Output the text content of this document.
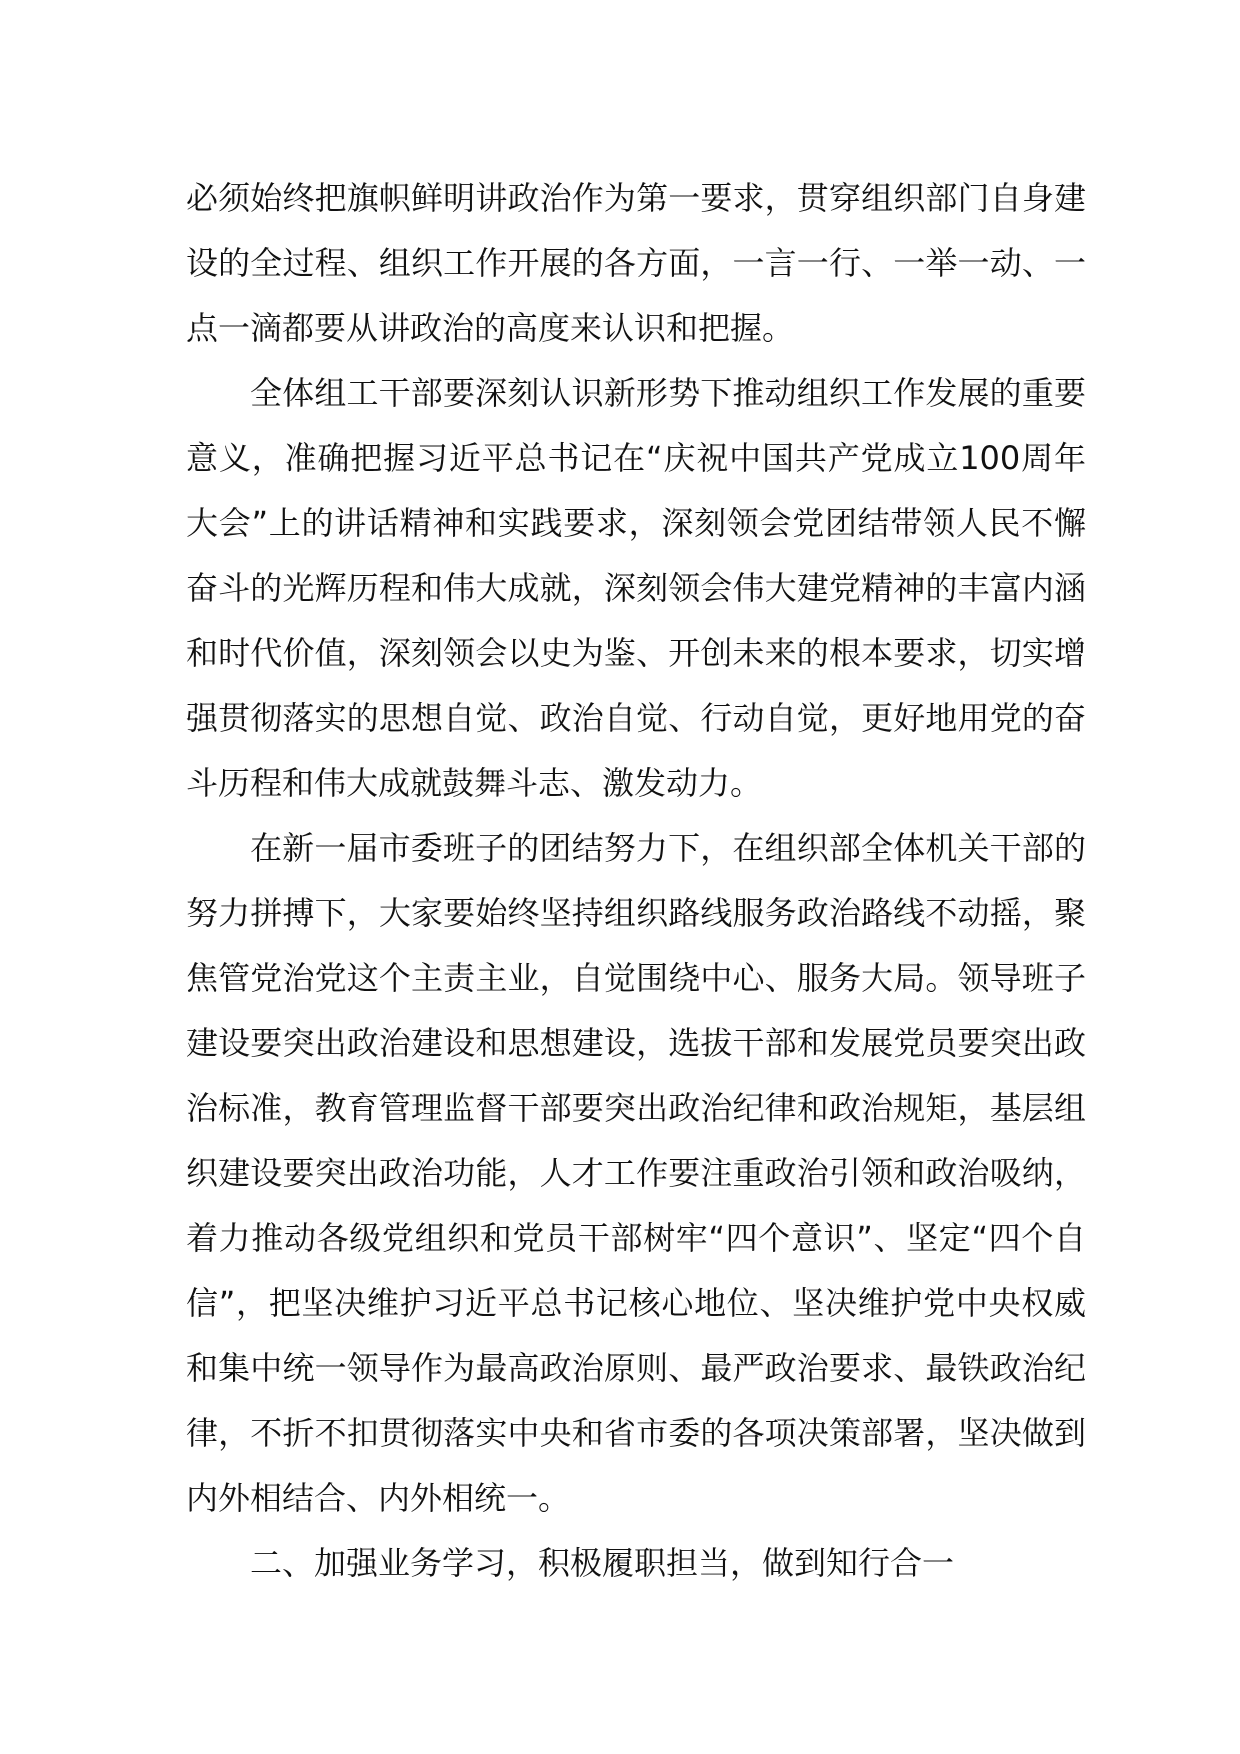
必须始终把旗帜鲜明讲政治作为第一要求，贯穿组织部门自身建设的全过程、组织工作开展的各方面，一言一行、一举一动、一点一滴都要从讲政治的高度来认识和把握。

全体组工干部要深刻认识新形势下推动组织工作发展的重要意义，准确把握习近平总书记在“庆祝中国共产党成立100周年大会”上的讲话精神和实践要求，深刻领会党团结带领人民不懈奋斗的光辉历程和伟大成就，深刻领会伟大建党精神的丰富内涵和时代价值，深刻领会以史为鉴、开创未来的根本要求，切实增强贯彻落实的思想自觉、政治自觉、行动自觉，更好地用党的奋斗历程和伟大成就鼓舞斗志、激发动力。

在新一届市委班子的团结努力下，在组织部全体机关干部的努力拼搏下，大家要始终坚持组织路线服务政治路线不动摇，聚焦管党治党这个主责主业，自觉围绕中心、服务大局。领导班子建设要突出政治建设和思想建设，选拔干部和发展党员要突出政治标准，教育管理监督干部要突出政治纪律和政治规矩，基层组织建设要突出政治功能，人才工作要注重政治引领和政治吸纳，着力推动各级党组织和党员干部树牢“四个意识”、坚定“四个自信”，把坚决维护习近平总书记核心地位、坚决维护党中央权威和集中统一领导作为最高政治原则、最严政治要求、最铁政治纪律，不折不扣贯彻落实中央和省市委的各项决策部署，坚决做到内外相结合、内外相统一。

二、加强业务学习，积极履职担当，做到知行合一
